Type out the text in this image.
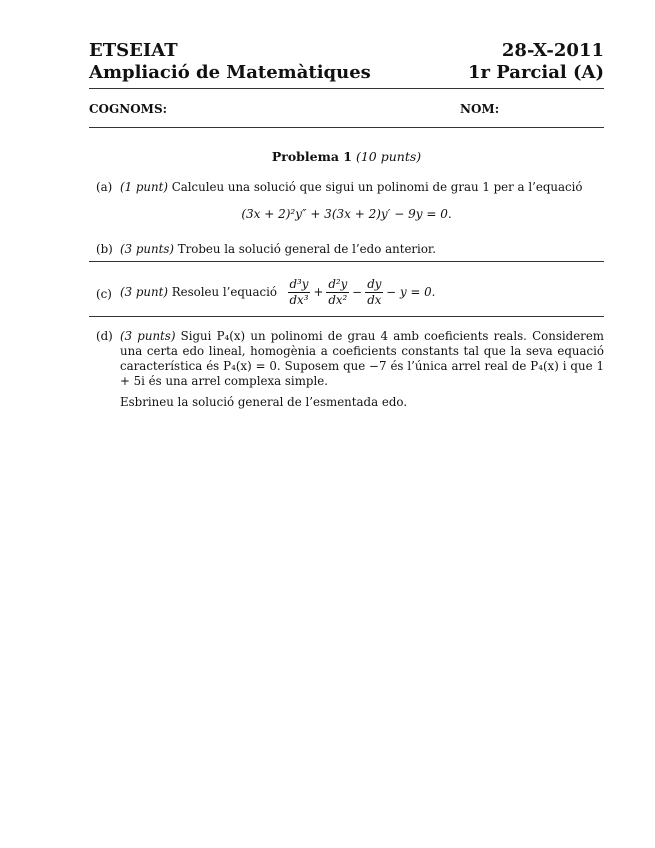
ETSEIAT	28-X-2011
Ampliació de Matemàtiques	1r Parcial (A)
COGNOMS:	NOM:
Problema 1 (10 punts)
(a) (1 punt) Calculeu una solució que sigui un polinomi de grau 1 per a l’equació
(3x + 2)²y″ + 3(3x + 2)y′ − 9y = 0.
(b) (3 punts) Trobeu la solució general de l’edo anterior.
(c) (3 punt)
Resoleu l’equació
$\frac{\text{d³y}}{\text{dx³}} + \frac{\text{d²y}}{\text{dx²}} - \frac{dy}{dx} - y = 0$.
(d) (3 punts) Sigui P₄(x) un polinomi de grau 4 amb coeficients reals. Considerem una certa edo lineal, homogènia a coeficients constants tal que la seva equació característica és P₄(x) = 0. Suposem que −7 és l’única arrel real de P₄(x) i que 1 + 5i és una arrel complexa simple.
Esbrineu la solució general de l’esmentada edo.
